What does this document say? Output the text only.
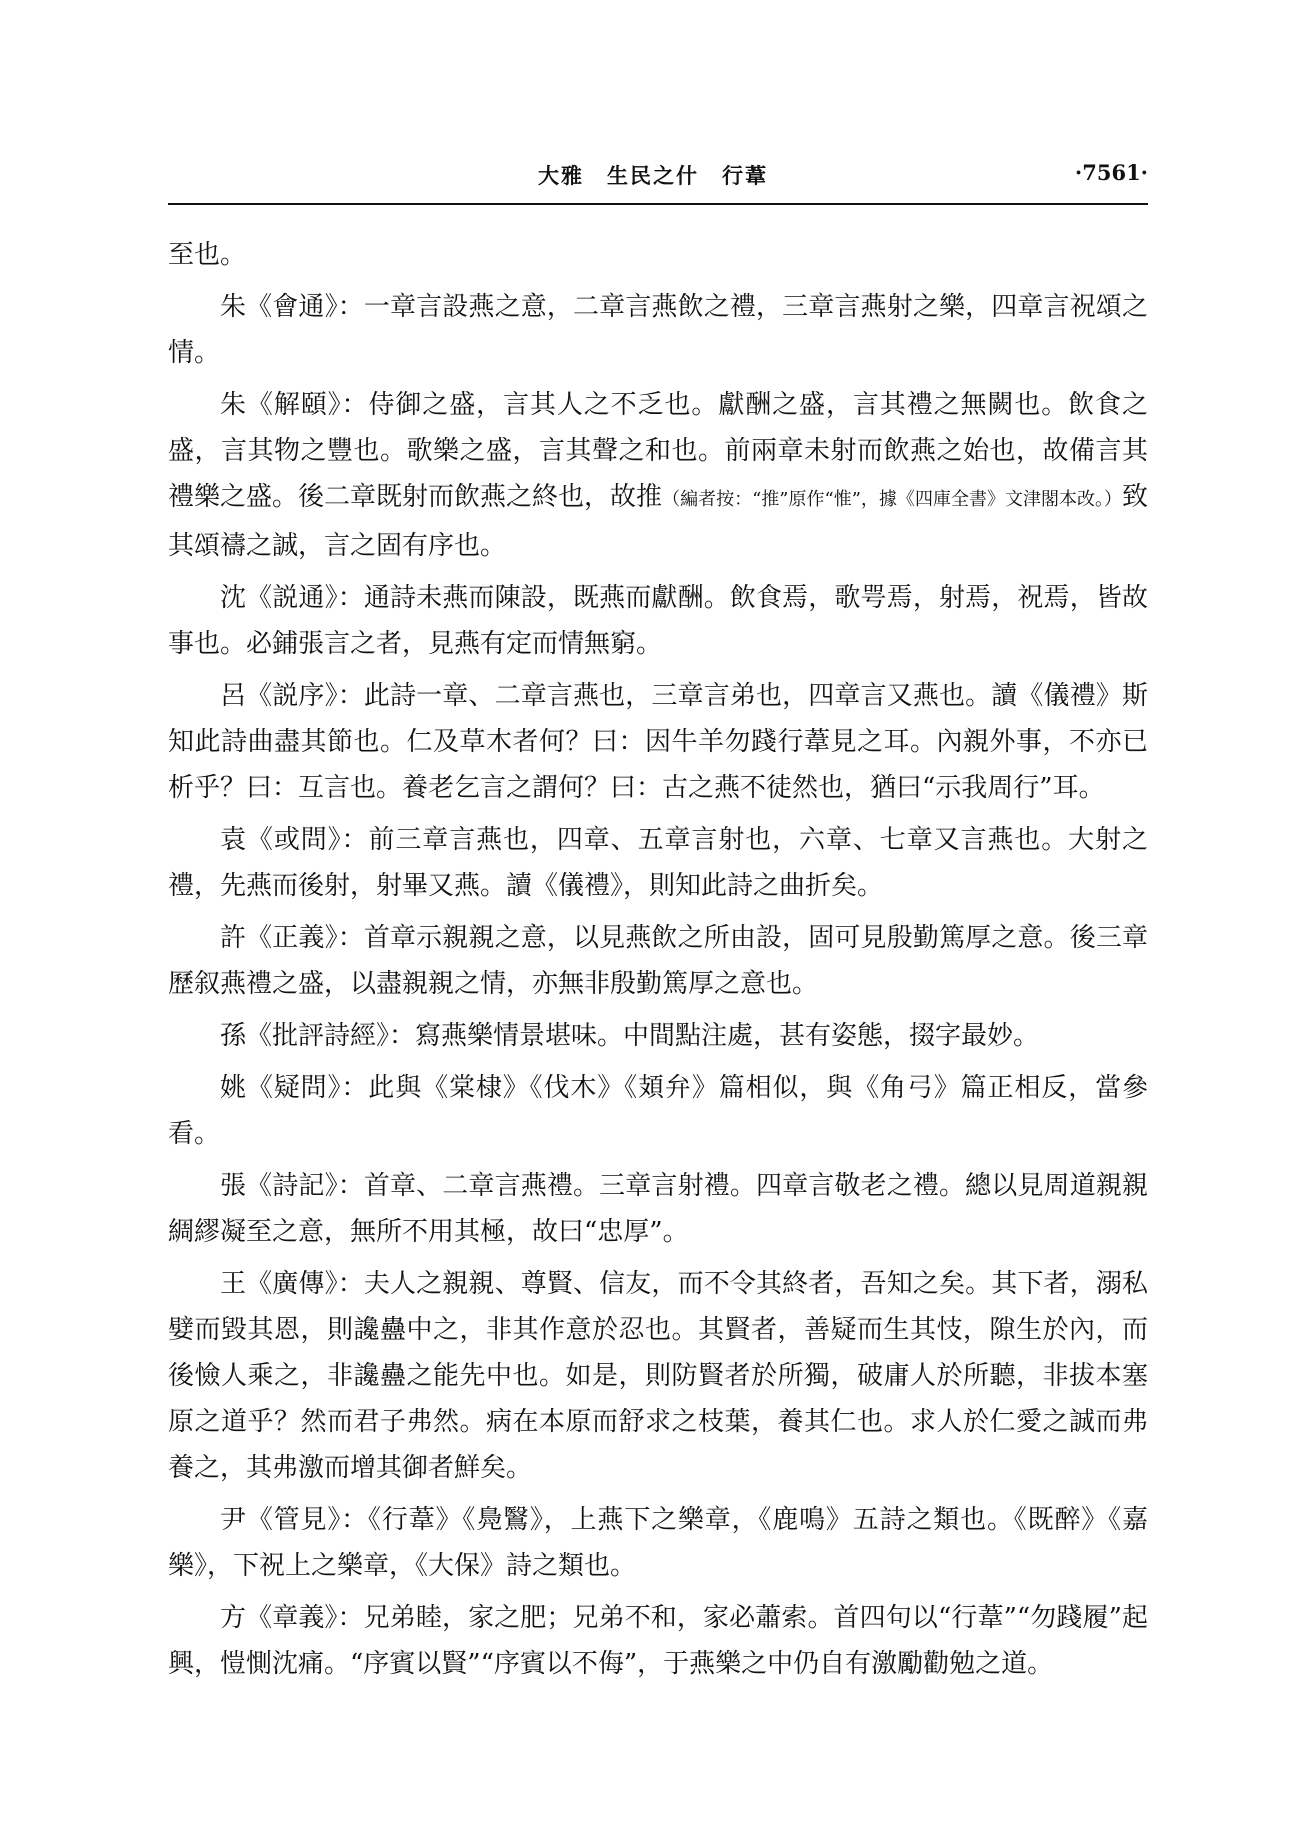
大雅　生民之什　行葦	·7561·

至也。

朱《會通》：一章言設燕之意，二章言燕飲之禮，三章言燕射之樂，四章言祝頌之情。

朱《解頤》：侍御之盛，言其人之不乏也。獻酬之盛，言其禮之無闕也。飲食之盛，言其物之豐也。歌樂之盛，言其聲之和也。前兩章未射而飲燕之始也，故備言其禮樂之盛。後二章既射而飲燕之終也，故推（編者按：“推”原作“惟”，據《四庫全書》文津閣本改。）致其頌禱之誠，言之固有序也。

沈《説通》：通詩未燕而陳設，既燕而獻酬。飲食焉，歌咢焉，射焉，祝焉，皆故事也。必鋪張言之者，見燕有定而情無窮。

呂《説序》：此詩一章、二章言燕也，三章言弟也，四章言又燕也。讀《儀禮》斯知此詩曲盡其節也。仁及草木者何？曰：因牛羊勿踐行葦見之耳。內親外事，不亦已析乎？曰：互言也。養老乞言之謂何？曰：古之燕不徒然也，猶曰“示我周行”耳。

袁《或問》：前三章言燕也，四章、五章言射也，六章、七章又言燕也。大射之禮，先燕而後射，射畢又燕。讀《儀禮》，則知此詩之曲折矣。

許《正義》：首章示親親之意，以見燕飲之所由設，固可見殷勤篤厚之意。後三章歷叙燕禮之盛，以盡親親之情，亦無非殷勤篤厚之意也。

孫《批評詩經》：寫燕樂情景堪味。中間點注處，甚有姿態，掇字最妙。

姚《疑問》：此與《棠棣》《伐木》《頍弁》篇相似，與《角弓》篇正相反，當參看。

張《詩記》：首章、二章言燕禮。三章言射禮。四章言敬老之禮。總以見周道親親綢繆凝至之意，無所不用其極，故曰“忠厚”。

王《廣傳》：夫人之親親、尊賢、信友，而不令其終者，吾知之矣。其下者，溺私嬖而毀其恩，則讒蠱中之，非其作意於忍也。其賢者，善疑而生其忮，隙生於內，而後憸人乘之，非讒蠱之能先中也。如是，則防賢者於所獨，破庸人於所聽，非拔本塞原之道乎？然而君子弗然。病在本原而舒求之枝葉，養其仁也。求人於仁愛之誠而弗養之，其弗激而增其御者鮮矣。

尹《管見》：《行葦》《鳧鷖》，上燕下之樂章，《鹿鳴》五詩之類也。《既醉》《嘉樂》，下祝上之樂章，《大保》詩之類也。

方《章義》：兄弟睦，家之肥；兄弟不和，家必蕭索。首四句以“行葦”“勿踐履”起興，愷惻沈痛。“序賓以賢”“序賓以不侮”，于燕樂之中仍自有激勵勸勉之道。
